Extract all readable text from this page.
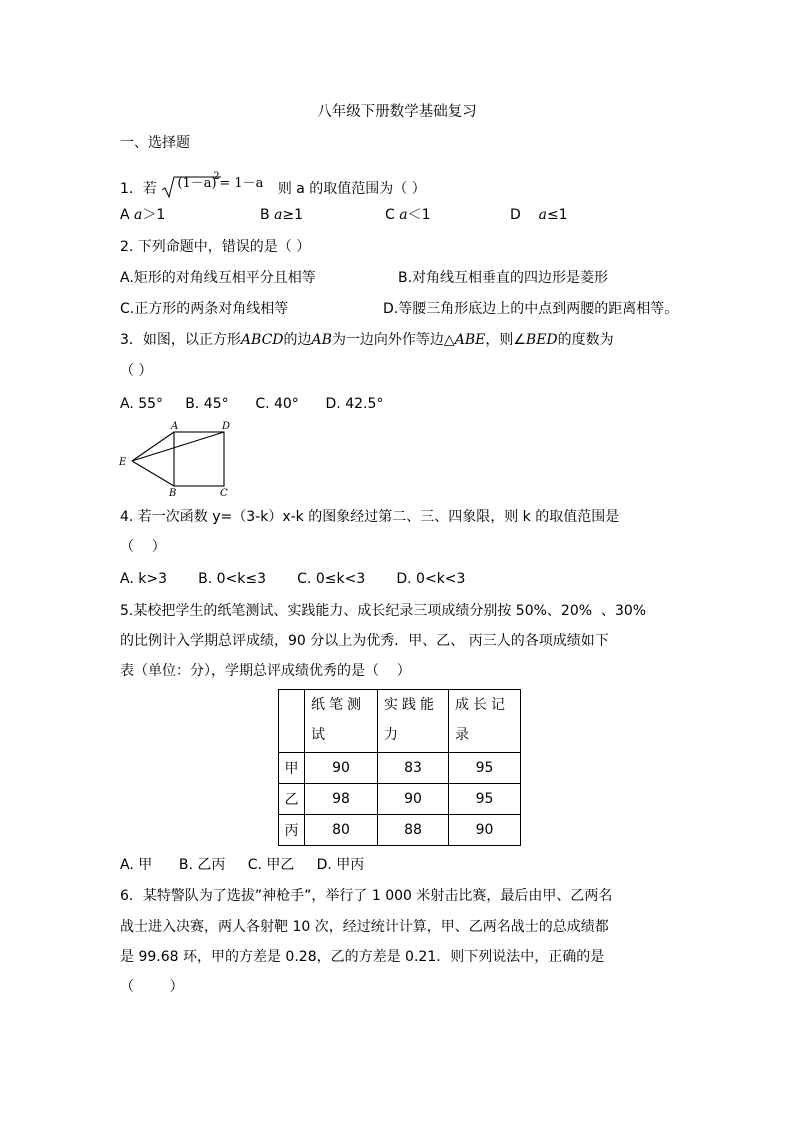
八年级下册数学基础复习
一、选择题
1．若 (1－a)
2 = 1－a 则 a 的取值范围为（ ）
A a＞1	B a≥1	C a＜1	D a≤1
2. 下列命题中，错误的是（ ）
A.矩形的对角线互相平分且相等	B.对角线互相垂直的四边形是菱形
C.正方形的两条对角线相等	D.等腰三角形底边上的中点到两腰的距离相等。
3．如图，以正方形ABCD的边AB为一边向外作等边△ABE，则∠BED的度数为
（ ）
A. 55°     B. 45°      C. 40°      D. 42.5°
A	D
E
B	C
4. 若一次函数 y=（3-k）x-k 的图象经过第二、三、四象限，则 k 的取值范围是
（    ）
A. k>3       B. 0<k≤3       C. 0≤k<3       D. 0<k<3
5.某校把学生的纸笔测试、实践能力、成长纪录三项成绩分别按 50%、20%  、30%
的比例计入学期总评成绩，90 分以上为优秀．甲、乙、 丙三人的各项成绩如下
表（单位：分），学期总评成绩优秀的是（    ）
	纸笔测试	实践能力	成长记录
甲	90	83	95
乙	98	90	95
丙	80	88	90
A. 甲      B. 乙丙     C. 甲乙     D. 甲丙
6．某特警队为了选拔”神枪手”，举行了 1 000 米射击比赛，最后由甲、乙两名
战士进入决赛，两人各射靶 10 次，经过统计计算，甲、乙两名战士的总成绩都
是 99.68 环，甲的方差是 0.28，乙的方差是 0.21．则下列说法中，正确的是
（        ）
